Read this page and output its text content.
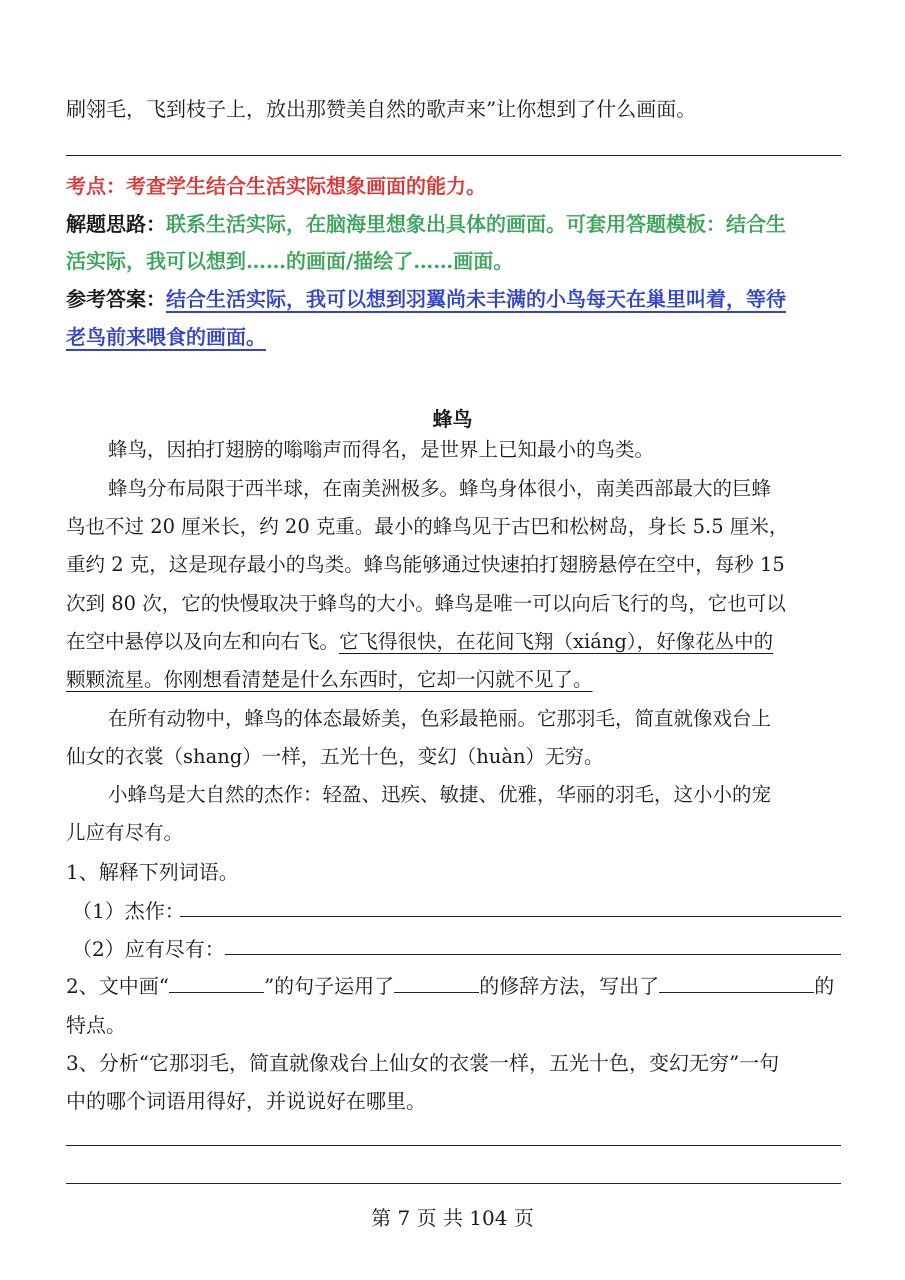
刷翎毛，飞到枝子上，放出那赞美自然的歌声来”让你想到了什么画面。
考点：考查学生结合生活实际想象画面的能力。
解题思路：联系生活实际，在脑海里想象出具体的画面。可套用答题模板：结合生
活实际，我可以想到……的画面/描绘了……画面。
参考答案：结合生活实际，我可以想到羽翼尚未丰满的小鸟每天在巢里叫着，等待
老鸟前来喂食的画面。
蜂鸟
蜂鸟，因拍打翅膀的嗡嗡声而得名，是世界上已知最小的鸟类。
蜂鸟分布局限于西半球，在南美洲极多。蜂鸟身体很小，南美西部最大的巨蜂
鸟也不过 20 厘米长，约 20 克重。最小的蜂鸟见于古巴和松树岛，身长 5.5 厘米，
重约 2 克，这是现存最小的鸟类。蜂鸟能够通过快速拍打翅膀悬停在空中，每秒 15
次到 80 次，它的快慢取决于蜂鸟的大小。蜂鸟是唯一可以向后飞行的鸟，它也可以
在空中悬停以及向左和向右飞。它飞得很快，在花间飞翔（xiáng），好像花丛中的
颗颗流星。你刚想看清楚是什么东西时，它却一闪就不见了。
在所有动物中，蜂鸟的体态最娇美，色彩最艳丽。它那羽毛，简直就像戏台上
仙女的衣裳（shang）一样，五光十色，变幻（huàn）无穷。
小蜂鸟是大自然的杰作：轻盈、迅疾、敏捷、优雅，华丽的羽毛，这小小的宠
儿应有尽有。
1、解释下列词语。
（1）杰作：
（2）应有尽有：
2、文中画“	”的句子运用了	的修辞方法，写出了	的
特点。
3、分析“它那羽毛，简直就像戏台上仙女的衣裳一样，五光十色，变幻无穷”一句
中的哪个词语用得好，并说说好在哪里。
第 7 页 共 104 页
